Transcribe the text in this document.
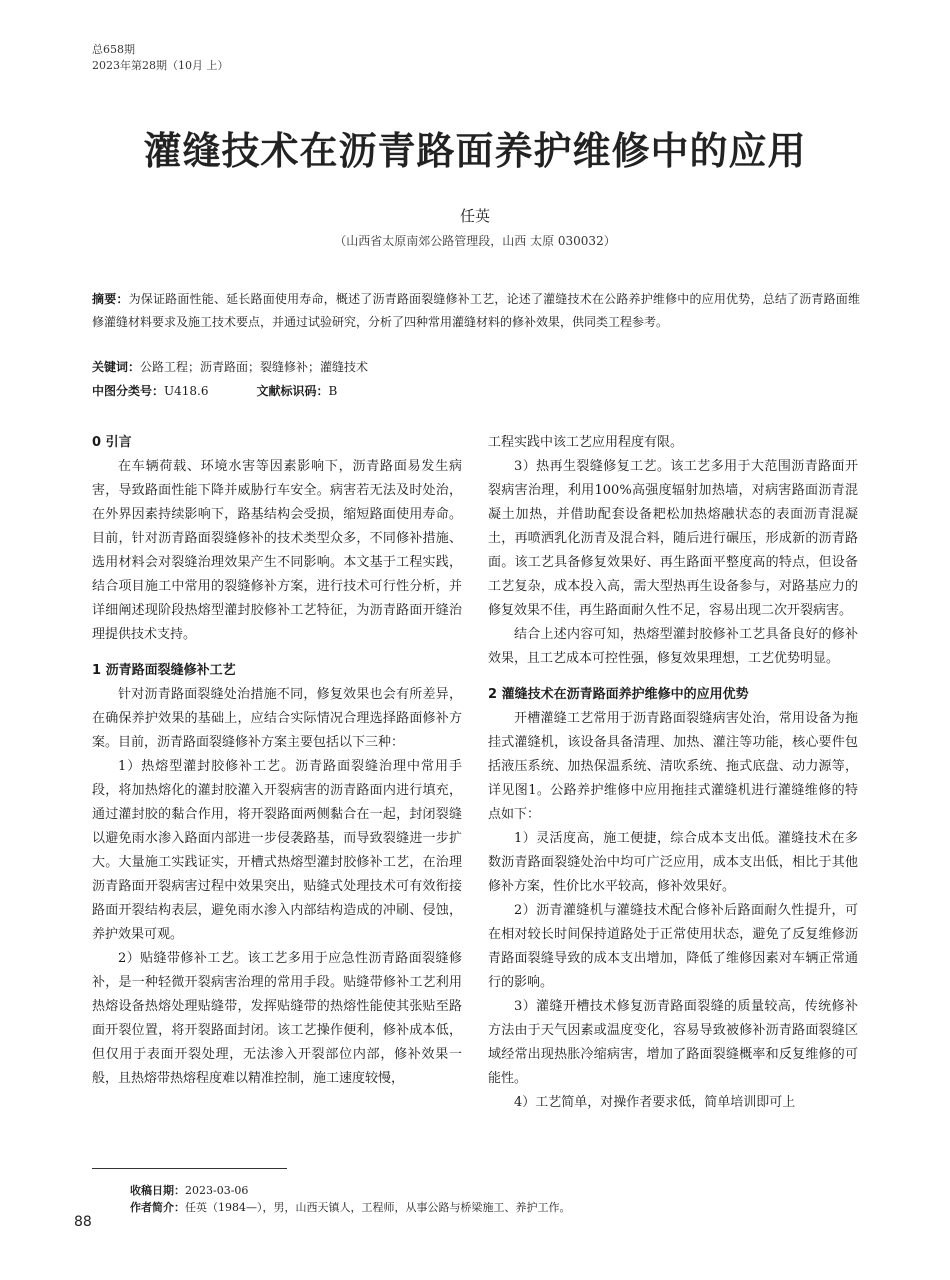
总658期
2023年第28期（10月 上）
灌缝技术在沥青路面养护维修中的应用
任英
（山西省太原南郊公路管理段，山西 太原 030032）
摘要：为保证路面性能、延长路面使用寿命，概述了沥青路面裂缝修补工艺，论述了灌缝技术在公路养护维修中的应用优势，总结了沥青路面维修灌缝材料要求及施工技术要点，并通过试验研究，分析了四种常用灌缝材料的修补效果，供同类工程参考。
关键词：公路工程；沥青路面；裂缝修补；灌缝技术
中图分类号：U418.6	文献标识码：B
0 引言

在车辆荷载、环境水害等因素影响下，沥青路面易发生病害，导致路面性能下降并威胁行车安全。病害若无法及时处治，在外界因素持续影响下，路基结构会受损，缩短路面使用寿命。目前，针对沥青路面裂缝修补的技术类型众多，不同修补措施、选用材料会对裂缝治理效果产生不同影响。本文基于工程实践，结合项目施工中常用的裂缝修补方案，进行技术可行性分析，并详细阐述现阶段热熔型灌封胶修补工艺特征，为沥青路面开缝治理提供技术支持。

1 沥青路面裂缝修补工艺

针对沥青路面裂缝处治措施不同，修复效果也会有所差异，在确保养护效果的基础上，应结合实际情况合理选择路面修补方案。目前，沥青路面裂缝修补方案主要包括以下三种：

1）热熔型灌封胶修补工艺。沥青路面裂缝治理中常用手段，将加热熔化的灌封胶灌入开裂病害的沥青路面内进行填充，通过灌封胶的黏合作用，将开裂路面两侧黏合在一起，封闭裂缝以避免雨水渗入路面内部进一步侵袭路基，而导致裂缝进一步扩大。大量施工实践证实，开槽式热熔型灌封胶修补工艺，在治理沥青路面开裂病害过程中效果突出，贴缝式处理技术可有效衔接路面开裂结构表层，避免雨水渗入内部结构造成的冲刷、侵蚀，养护效果可观。

2）贴缝带修补工艺。该工艺多用于应急性沥青路面裂缝修补，是一种轻微开裂病害治理的常用手段。贴缝带修补工艺利用热熔设备热熔处理贴缝带，发挥贴缝带的热熔性能使其张贴至路面开裂位置，将开裂路面封闭。该工艺操作便利，修补成本低，但仅用于表面开裂处理，无法渗入开裂部位内部，修补效果一般，且热熔带热熔程度难以精准控制，施工速度较慢，

工程实践中该工艺应用程度有限。

3）热再生裂缝修复工艺。该工艺多用于大范围沥青路面开裂病害治理，利用100%高强度辐射加热墙，对病害路面沥青混凝土加热，并借助配套设备耙松加热熔融状态的表面沥青混凝土，再喷洒乳化沥青及混合料，随后进行碾压，形成新的沥青路面。该工艺具备修复效果好、再生路面平整度高的特点，但设备工艺复杂，成本投入高，需大型热再生设备参与，对路基应力的修复效果不佳，再生路面耐久性不足，容易出现二次开裂病害。

结合上述内容可知，热熔型灌封胶修补工艺具备良好的修补效果，且工艺成本可控性强，修复效果理想，工艺优势明显。

2 灌缝技术在沥青路面养护维修中的应用优势

开槽灌缝工艺常用于沥青路面裂缝病害处治，常用设备为拖挂式灌缝机，该设备具备清理、加热、灌注等功能，核心要件包括液压系统、加热保温系统、清吹系统、拖式底盘、动力源等，详见图1。公路养护维修中应用拖挂式灌缝机进行灌缝维修的特点如下：

1）灵活度高，施工便捷，综合成本支出低。灌缝技术在多数沥青路面裂缝处治中均可广泛应用，成本支出低，相比于其他修补方案，性价比水平较高，修补效果好。

2）沥青灌缝机与灌缝技术配合修补后路面耐久性提升，可在相对较长时间保持道路处于正常使用状态，避免了反复维修沥青路面裂缝导致的成本支出增加，降低了维修因素对车辆正常通行的影响。

3）灌缝开槽技术修复沥青路面裂缝的质量较高，传统修补方法由于天气因素或温度变化，容易导致被修补沥青路面裂缝区域经常出现热胀冷缩病害，增加了路面裂缝概率和反复维修的可能性。

4）工艺简单，对操作者要求低，简单培训即可上

收稿日期：2023-03-06
作者简介：任英（1984—），男，山西天镇人，工程师，从事公路与桥梁施工、养护工作。
88
